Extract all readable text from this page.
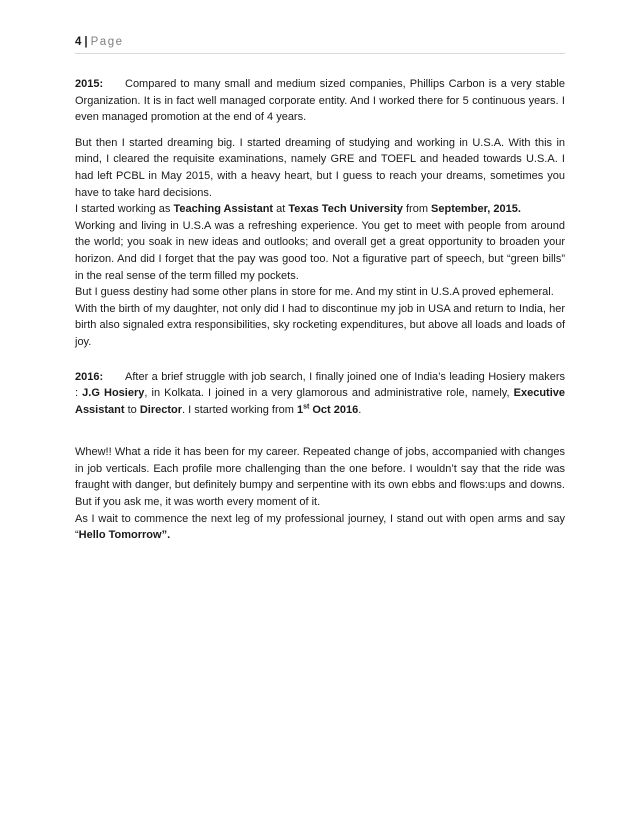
4 | Page

2015: Compared to many small and medium sized companies, Phillips Carbon is a very stable Organization. It is in fact well managed corporate entity. And I worked there for 5 continuous years. I even managed promotion at the end of 4 years.

But then I started dreaming big. I started dreaming of studying and working in U.S.A. With this in mind, I cleared the requisite examinations, namely GRE and TOEFL and headed towards U.S.A. I had left PCBL in May 2015, with a heavy heart, but I guess to reach your dreams, sometimes you have to take hard decisions.

I started working as Teaching Assistant at Texas Tech University from September, 2015.

Working and living in U.S.A was a refreshing experience. You get to meet with people from around the world; you soak in new ideas and outlooks; and overall get a great opportunity to broaden your horizon. And did I forget that the pay was good too. Not a figurative part of speech, but “green bills” in the real sense of the term filled my pockets.

But I guess destiny had some other plans in store for me. And my stint in U.S.A proved ephemeral.

With the birth of my daughter, not only did I had to discontinue my job in USA and return to India, her birth also signaled extra responsibilities, sky rocketing expenditures, but above all loads and loads of joy.

2016: After a brief struggle with job search, I finally joined one of India’s leading Hosiery makers : J.G Hosiery, in Kolkata. I joined in a very glamorous and administrative role, namely, Executive Assistant to Director. I started working from 1st Oct 2016.

Whew!! What a ride it has been for my career. Repeated change of jobs, accompanied with changes in job verticals. Each profile more challenging than the one before. I wouldn’t say that the ride was fraught with danger, but definitely bumpy and serpentine with its own ebbs and flows:ups and downs. But if you ask me, it was worth every moment of it.

As I wait to commence the next leg of my professional journey, I stand out with open arms and say “Hello Tomorrow”.
